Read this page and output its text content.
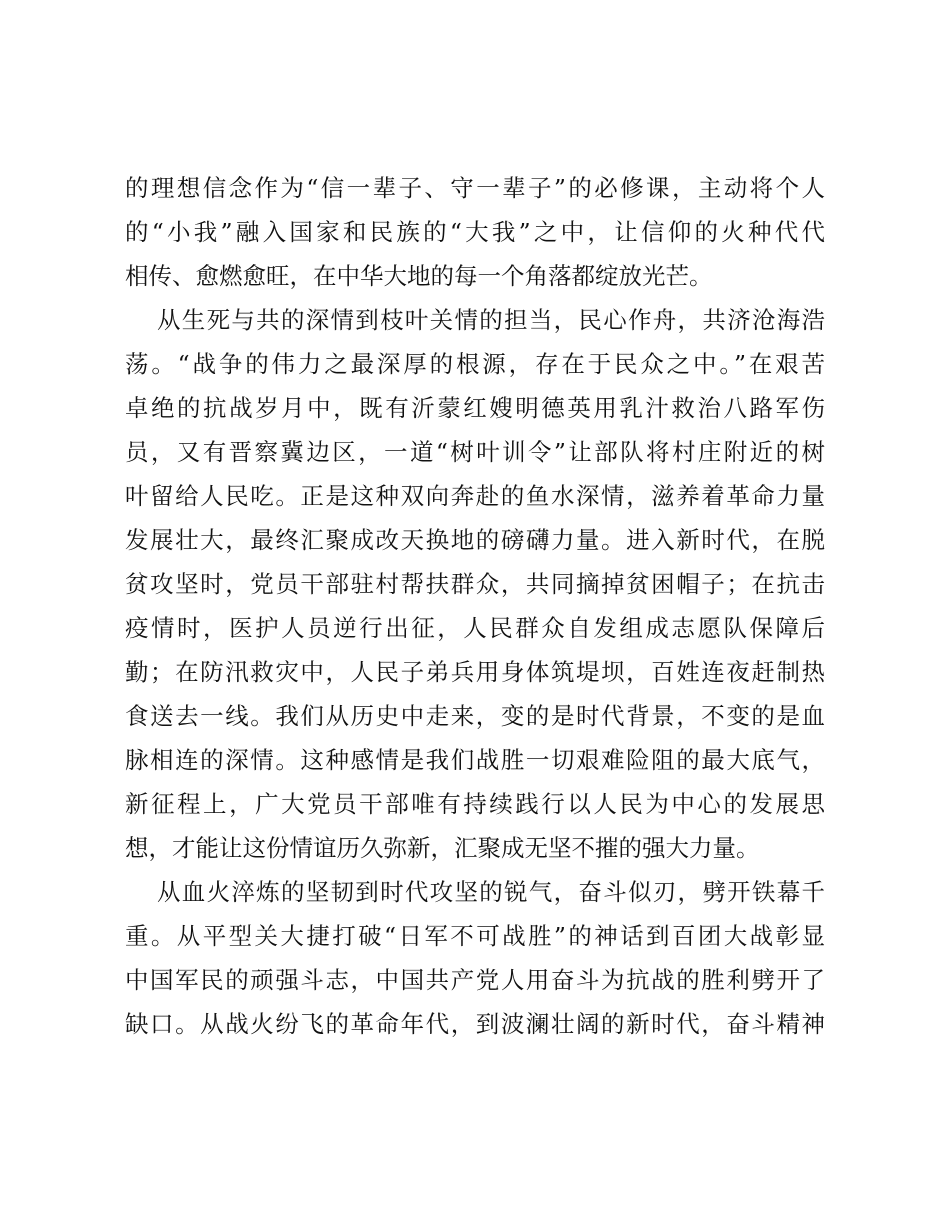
的理想信念作为“信一辈子、守一辈子”的必修课，主动将个人
的“小我”融入国家和民族的“大我”之中，让信仰的火种代代
相传、愈燃愈旺，在中华大地的每一个角落都绽放光芒。
从生死与共的深情到枝叶关情的担当，民心作舟，共济沧海浩
荡。“战争的伟力之最深厚的根源，存在于民众之中。”在艰苦
卓绝的抗战岁月中，既有沂蒙红嫂明德英用乳汁救治八路军伤
员，又有晋察冀边区，一道“树叶训令”让部队将村庄附近的树
叶留给人民吃。正是这种双向奔赴的鱼水深情，滋养着革命力量
发展壮大，最终汇聚成改天换地的磅礴力量。进入新时代，在脱
贫攻坚时，党员干部驻村帮扶群众，共同摘掉贫困帽子；在抗击
疫情时，医护人员逆行出征，人民群众自发组成志愿队保障后
勤；在防汛救灾中，人民子弟兵用身体筑堤坝，百姓连夜赶制热
食送去一线。我们从历史中走来，变的是时代背景，不变的是血
脉相连的深情。这种感情是我们战胜一切艰难险阻的最大底气，
新征程上，广大党员干部唯有持续践行以人民为中心的发展思
想，才能让这份情谊历久弥新，汇聚成无坚不摧的强大力量。
从血火淬炼的坚韧到时代攻坚的锐气，奋斗似刃，劈开铁幕千
重。从平型关大捷打破“日军不可战胜”的神话到百团大战彰显
中国军民的顽强斗志，中国共产党人用奋斗为抗战的胜利劈开了
缺口。从战火纷飞的革命年代，到波澜壮阔的新时代，奋斗精神
